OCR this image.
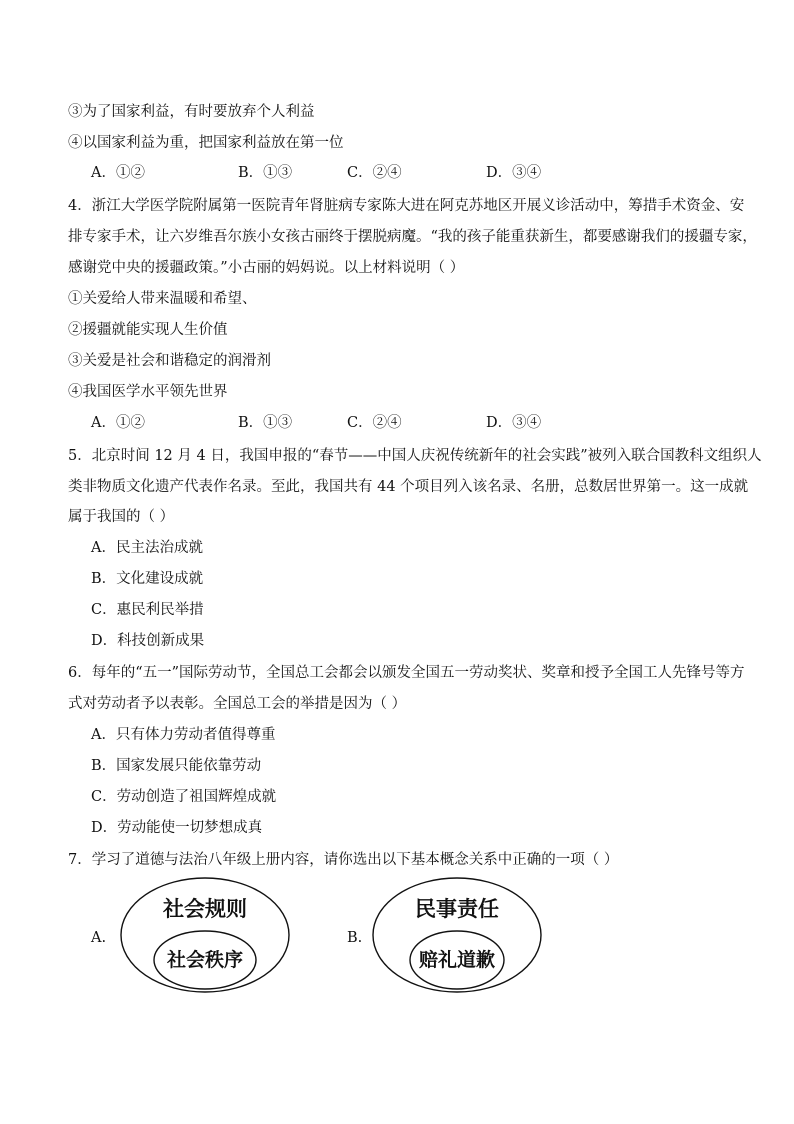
③为了国家利益，有时要放弃个人利益
④以国家利益为重，把国家利益放在第一位
A．①②	B．①③	C．②④	D．③④
4．浙江大学医学院附属第一医院青年肾脏病专家陈大进在阿克苏地区开展义诊活动中，筹措手术资金、安
排专家手术，让六岁维吾尔族小女孩古丽终于摆脱病魔。“我的孩子能重获新生，都要感谢我们的援疆专家，
感谢党中央的援疆政策。”小古丽的妈妈说。以上材料说明（ ）
①关爱给人带来温暖和希望、
②援疆就能实现人生价值
③关爱是社会和谐稳定的润滑剂
④我国医学水平领先世界
A．①②	B．①③	C．②④	D．③④
5．北京时间 12 月 4 日，我国申报的“春节——中国人庆祝传统新年的社会实践”被列入联合国教科文组织人
类非物质文化遗产代表作名录。至此，我国共有 44 个项目列入该名录、名册，总数居世界第一。这一成就
属于我国的（ ）
A．民主法治成就
B．文化建设成就
C．惠民利民举措
D．科技创新成果
6．每年的“五一”国际劳动节，全国总工会都会以颁发全国五一劳动奖状、奖章和授予全国工人先锋号等方
式对劳动者予以表彰。全国总工会的举措是因为（ ）
A．只有体力劳动者值得尊重
B．国家发展只能依靠劳动
C．劳动创造了祖国辉煌成就
D．劳动能使一切梦想成真
7．学习了道德与法治八年级上册内容，请你选出以下基本概念关系中正确的一项（ ）
A.
社会规则
社会秩序
B.
民事责任
赔礼道歉
